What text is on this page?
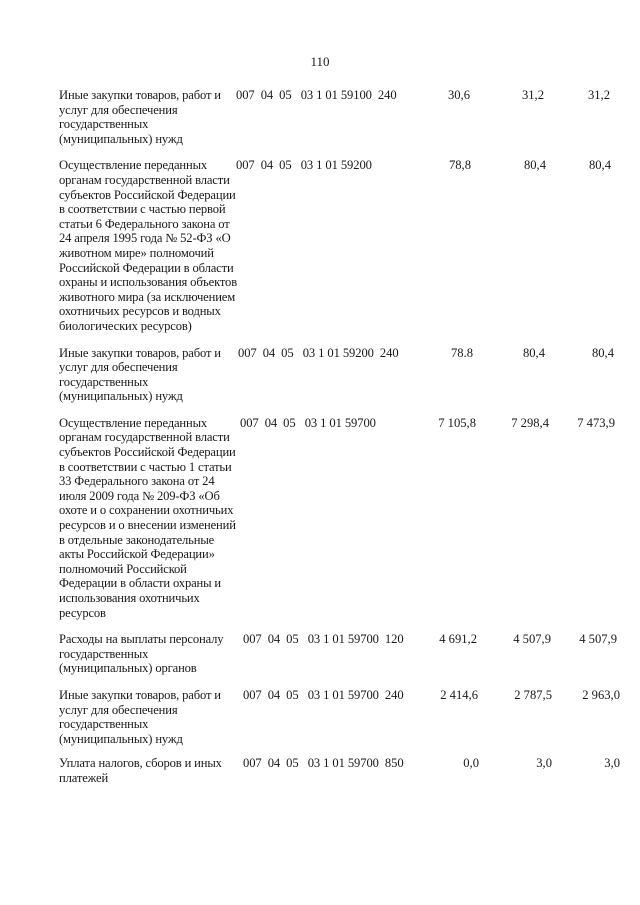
110
Иные закупки товаров, работ и услуг для обеспечения государственных (муниципальных) нужд
007  04  05   03 1 01 59100  240	30,6	31,2	31,2
Осуществление переданных органам государственной власти субъектов Российской Федерации в соответствии с частью первой статьи 6 Федерального закона от 24 апреля 1995 года № 52-ФЗ «О животном мире» полномочий Российской Федерации в области охраны и использования объектов животного мира (за исключением охотничьих ресурсов и водных биологических ресурсов)
007  04  05   03 1 01 59200	78,8	80,4	80,4
Иные закупки товаров, работ и услуг для обеспечения государственных (муниципальных) нужд
007  04  05   03 1 01 59200  240	78.8	80,4	80,4
Осуществление переданных органам государственной власти субъектов Российской Федерации в соответствии с частью 1 статьи 33 Федерального закона от 24 июля 2009 года № 209-ФЗ «Об охоте и о сохранении охотничьих ресурсов и о внесении изменений в отдельные законодательные акты Российской Федерации» полномочий Российской Федерации в области охраны и использования охотничьих ресурсов
007  04  05   03 1 01 59700	7 105,8	7 298,4	7 473,9
Расходы на выплаты персоналу государственных (муниципальных) органов
007  04  05   03 1 01 59700  120	4 691,2	4 507,9	4 507,9
Иные закупки товаров, работ и услуг для обеспечения государственных (муниципальных) нужд
007  04  05   03 1 01 59700  240	2 414,6	2 787,5	2 963,0
Уплата налогов, сборов и иных платежей
007  04  05   03 1 01 59700  850	0,0	3,0	3,0
